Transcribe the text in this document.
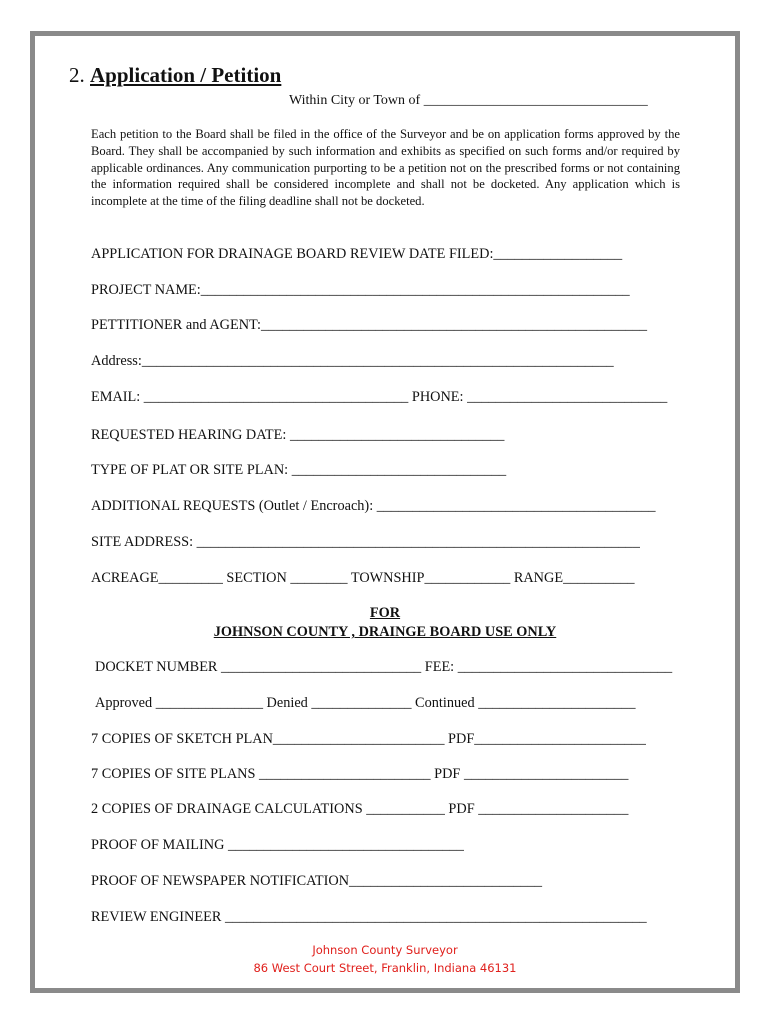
2. Application / Petition
Within City or Town of ________________________________
Each petition to the Board shall be filed in the office of the Surveyor and be on application forms approved by the Board. They shall be accompanied by such information and exhibits as specified on such forms and/or required by applicable ordinances. Any communication purporting to be a petition not on the prescribed forms or not containing the information required shall be considered incomplete and shall not be docketed. Any application which is incomplete at the time of the filing deadline shall not be docketed.
APPLICATION FOR DRAINAGE BOARD REVIEW DATE FILED:__________________
PROJECT NAME:____________________________________________________________
PETTITIONER and AGENT:______________________________________________________
Address:__________________________________________________________________
EMAIL: _____________________________________ PHONE: ____________________________
REQUESTED HEARING DATE: ______________________________
TYPE OF PLAT OR SITE PLAN: ______________________________
ADDITIONAL REQUESTS (Outlet / Encroach): _______________________________________
SITE ADDRESS: ______________________________________________________________
ACREAGE_________ SECTION ________ TOWNSHIP____________ RANGE__________
FOR
JOHNSON COUNTY , DRAINGE BOARD USE ONLY
DOCKET NUMBER ____________________________ FEE: ______________________________
Approved _______________ Denied ______________ Continued ______________________
7 COPIES OF SKETCH PLAN________________________ PDF________________________
7 COPIES OF SITE PLANS ________________________ PDF _______________________
2 COPIES OF DRAINAGE CALCULATIONS ___________ PDF _____________________
PROOF OF MAILING _________________________________
PROOF OF NEWSPAPER NOTIFICATION___________________________
REVIEW ENGINEER ___________________________________________________________
Johnson County Surveyor
86 West Court Street, Franklin, Indiana 46131
